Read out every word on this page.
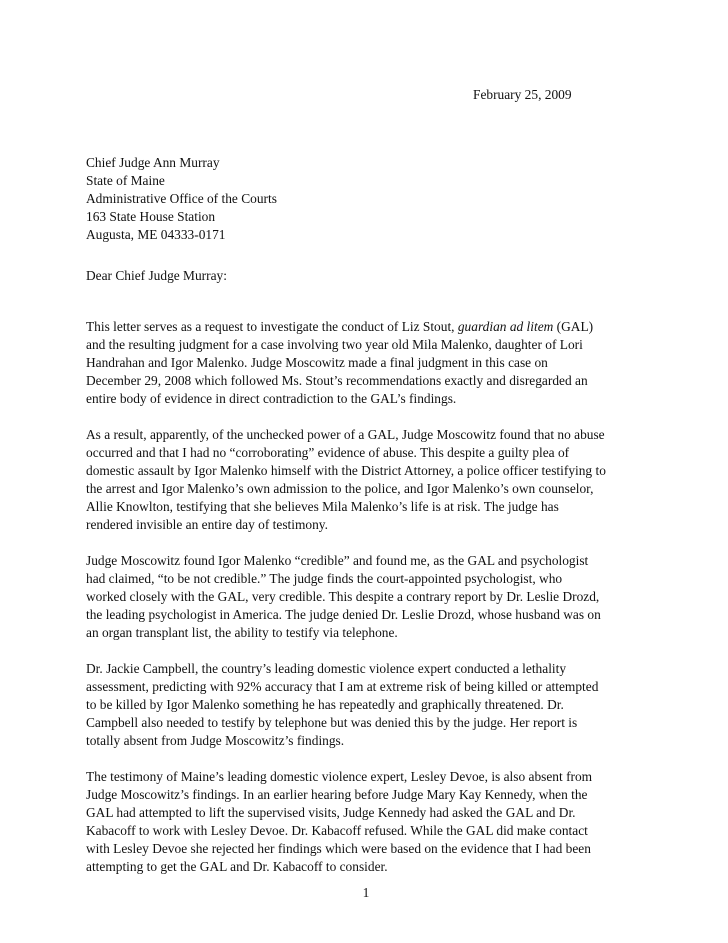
February 25, 2009
Chief Judge Ann Murray
State of Maine
Administrative Office of the Courts
163 State House Station
Augusta, ME 04333-0171
Dear Chief Judge Murray:

This letter serves as a request to investigate the conduct of Liz Stout, guardian ad litem (GAL)
and the resulting judgment for a case involving two year old Mila Malenko, daughter of Lori
Handrahan and Igor Malenko. Judge Moscowitz made a final judgment in this case on
December 29, 2008 which followed Ms. Stout’s recommendations exactly and disregarded an
entire body of evidence in direct contradiction to the GAL’s findings.

As a result, apparently, of the unchecked power of a GAL, Judge Moscowitz found that no abuse
occurred and that I had no “corroborating” evidence of abuse. This despite a guilty plea of
domestic assault by Igor Malenko himself with the District Attorney, a police officer testifying to
the arrest and Igor Malenko’s own admission to the police, and Igor Malenko’s own counselor,
Allie Knowlton, testifying that she believes Mila Malenko’s life is at risk. The judge has
rendered invisible an entire day of testimony.

Judge Moscowitz found Igor Malenko “credible” and found me, as the GAL and psychologist
had claimed, “to be not credible.” The judge finds the court-appointed psychologist, who
worked closely with the GAL, very credible. This despite a contrary report by Dr. Leslie Drozd,
the leading psychologist in America. The judge denied Dr. Leslie Drozd, whose husband was on
an organ transplant list, the ability to testify via telephone.

Dr. Jackie Campbell, the country’s leading domestic violence expert conducted a lethality
assessment, predicting with 92% accuracy that I am at extreme risk of being killed or attempted
to be killed by Igor Malenko something he has repeatedly and graphically threatened. Dr.
Campbell also needed to testify by telephone but was denied this by the judge. Her report is
totally absent from Judge Moscowitz’s findings.

The testimony of Maine’s leading domestic violence expert, Lesley Devoe, is also absent from
Judge Moscowitz’s findings. In an earlier hearing before Judge Mary Kay Kennedy, when the
GAL had attempted to lift the supervised visits, Judge Kennedy had asked the GAL and Dr.
Kabacoff to work with Lesley Devoe. Dr. Kabacoff refused. While the GAL did make contact
with Lesley Devoe she rejected her findings which were based on the evidence that I had been
attempting to get the GAL and Dr. Kabacoff to consider.

1
